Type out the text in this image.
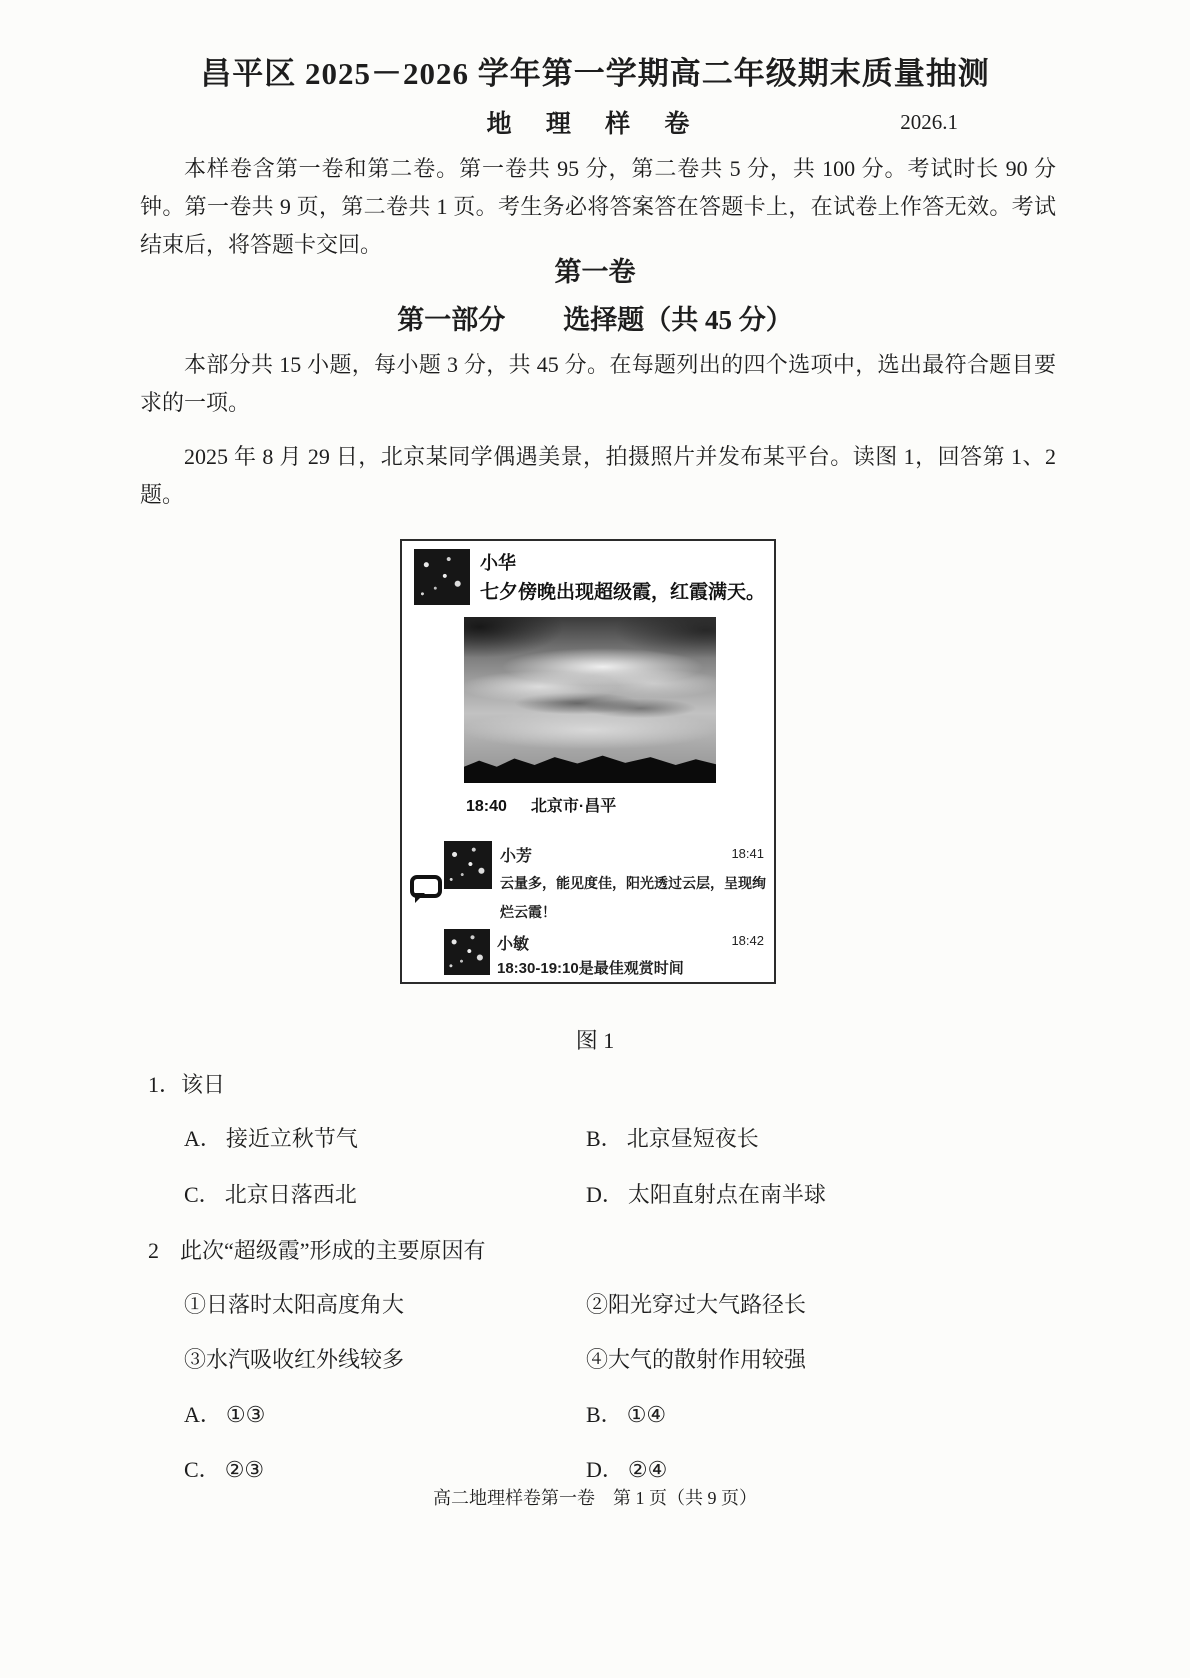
昌平区 2025－2026 学年第一学期高二年级期末质量抽测
地 理 样 卷	2026.1

本样卷含第一卷和第二卷。第一卷共 95 分，第二卷共 5 分，共 100 分。考试时长 90 分钟。第一卷共 9 页，第二卷共 1 页。考生务必将答案答在答题卡上，在试卷上作答无效。考试结束后，将答题卡交回。

第一卷
第一部分 选择题（共 45 分）

本部分共 15 小题，每小题 3 分，共 45 分。在每题列出的四个选项中，选出最符合题目要求的一项。

2025 年 8 月 29 日，北京某同学偶遇美景，拍摄照片并发布某平台。读图 1，回答第 1、2 题。

小华
七夕傍晚出现超级霞，红霞满天。
18:40 北京市·昌平
小芳	18:41
云量多，能见度佳，阳光透过云层，呈现绚烂云霞！
小敏	18:42
18:30-19:10是最佳观赏时间
图 1
1．该日
A． 接近立秋节气	B． 北京昼短夜长
C． 北京日落西北	D． 太阳直射点在南半球
2 此次“超级霞”形成的主要原因有
①日落时太阳高度角大	②阳光穿过大气路径长
③水汽吸收红外线较多	④大气的散射作用较强
A． ①③	B． ①④
C． ②③	D． ②④
高二地理样卷第一卷　第 1 页（共 9 页）
